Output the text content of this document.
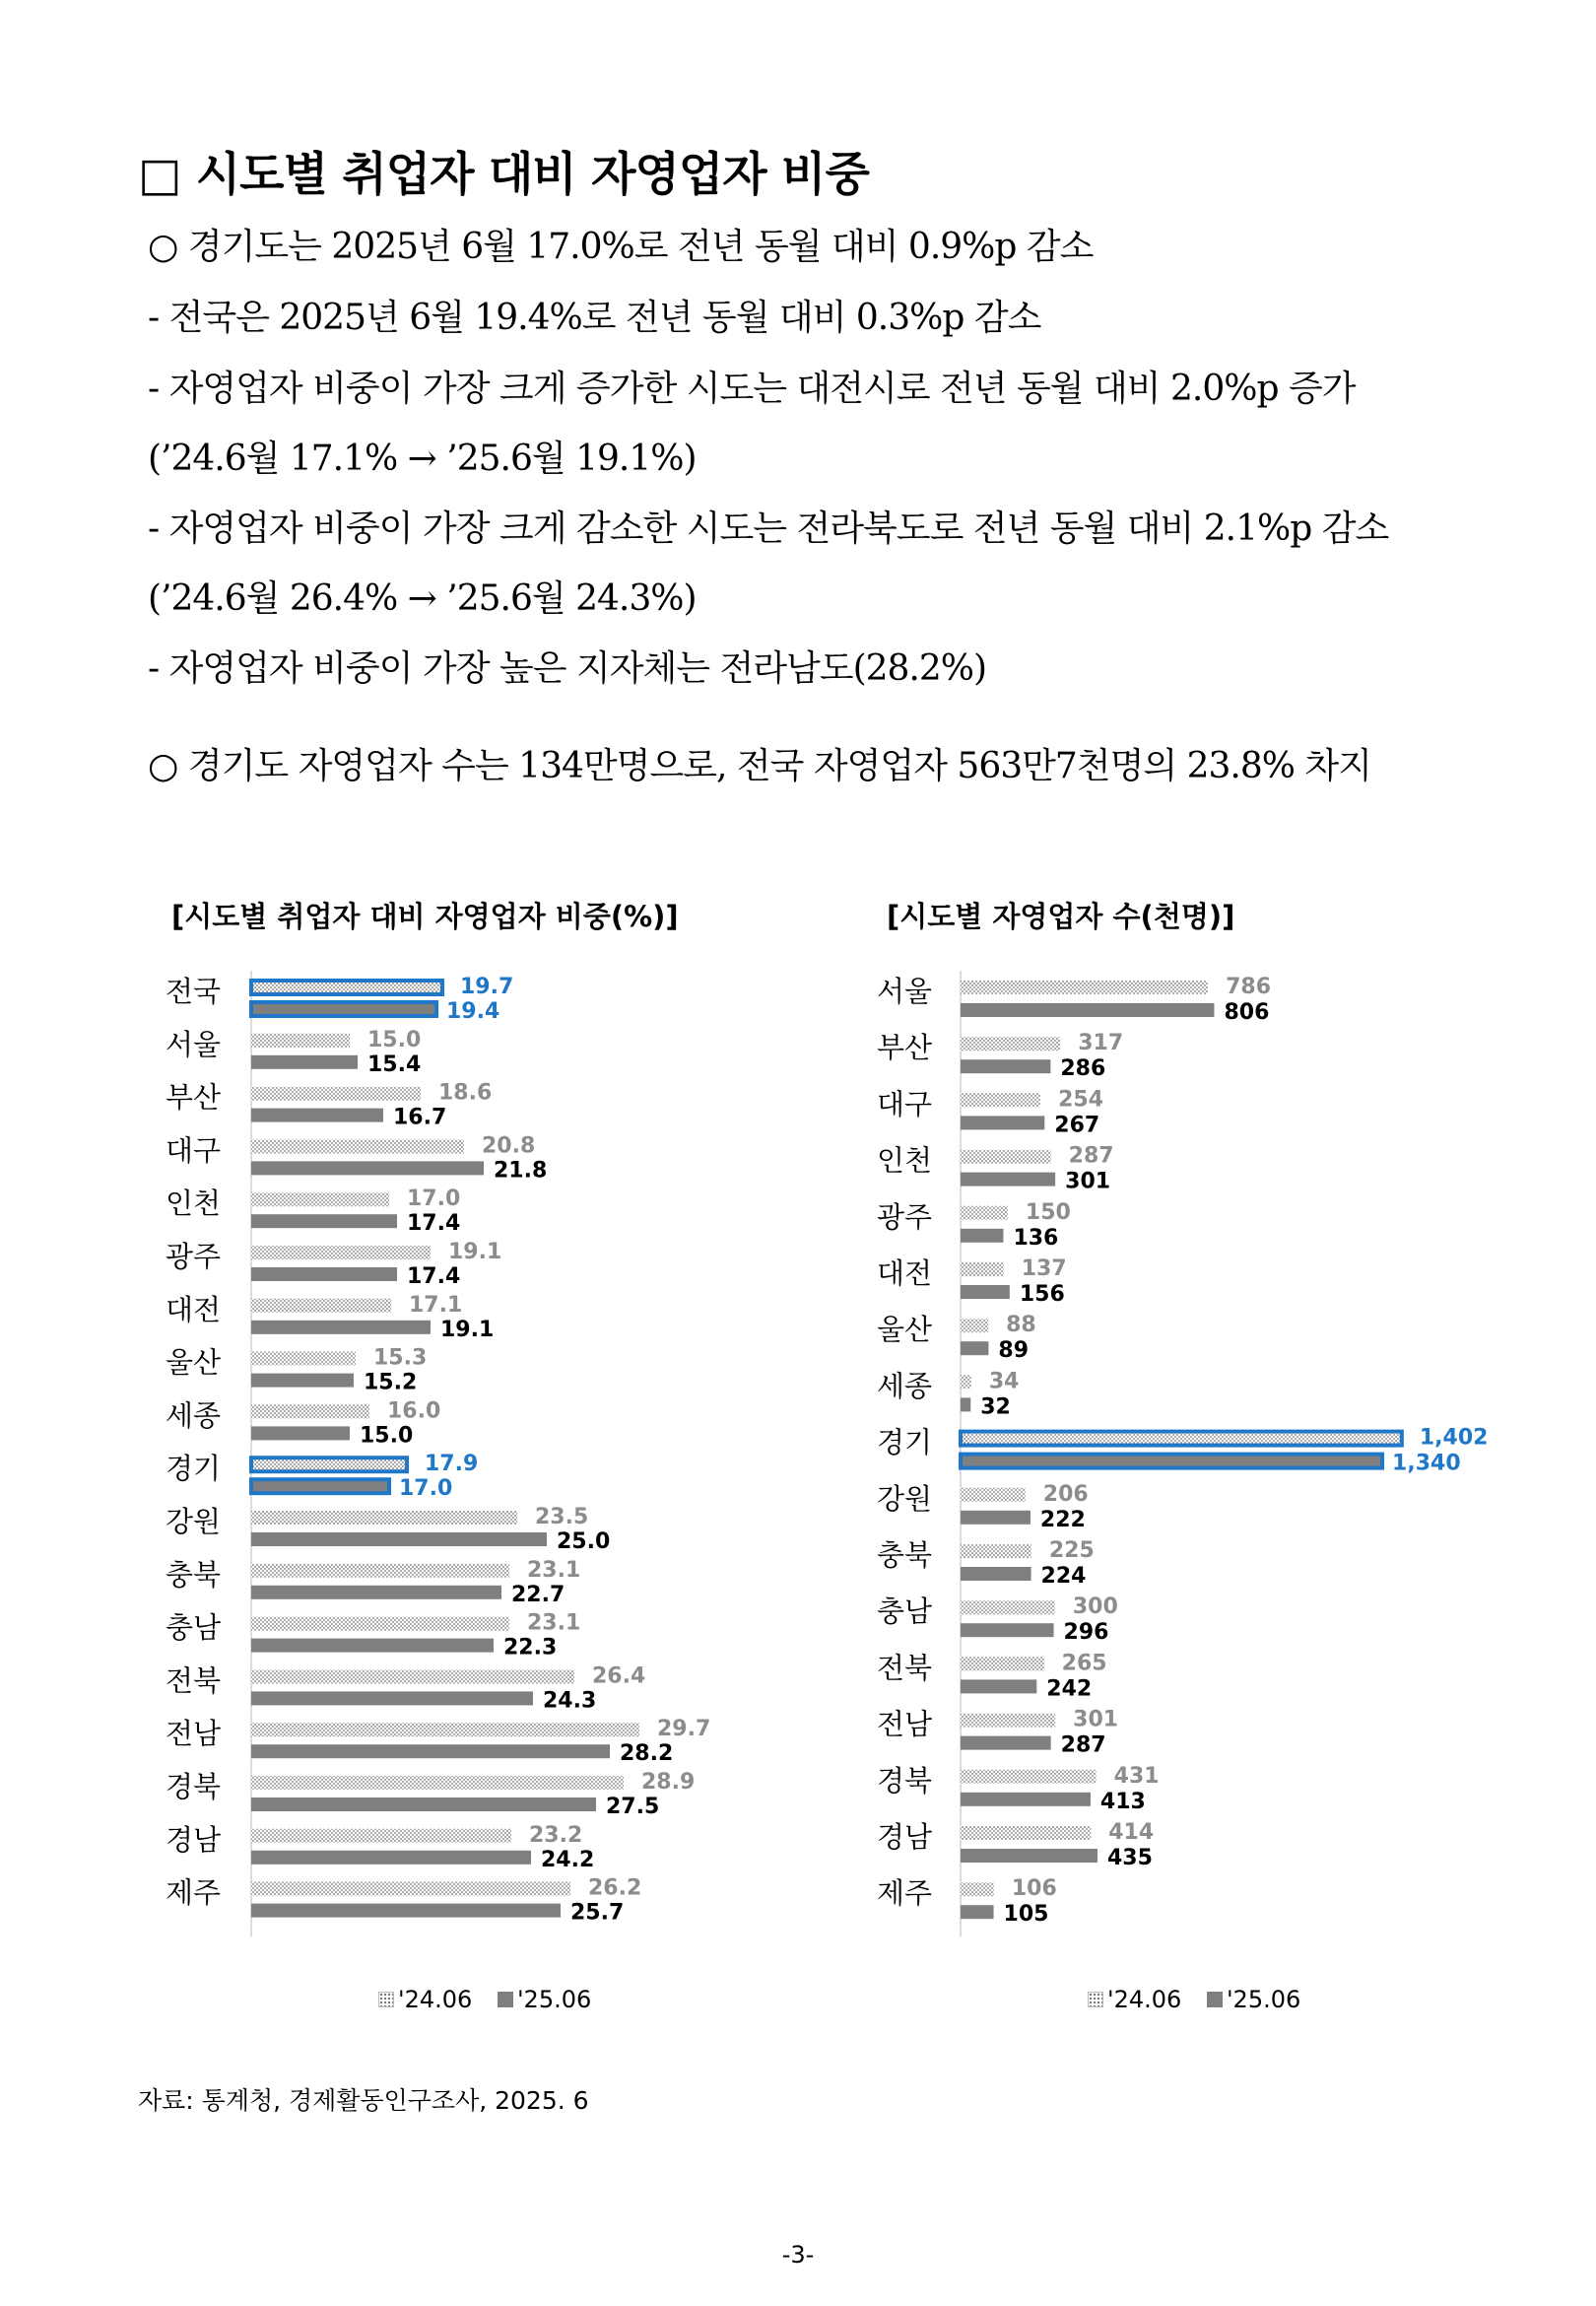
□ 시도별 취업자 대비 자영업자 비중
○ 경기도는 2025년 6월 17.0%로 전년 동월 대비 0.9%p 감소
- 전국은 2025년 6월 19.4%로 전년 동월 대비 0.3%p 감소
- 자영업자 비중이 가장 크게 증가한 시도는 대전시로 전년 동월 대비 2.0%p 증가
(’24.6월 17.1% → ’25.6월 19.1%)
- 자영업자 비중이 가장 크게 감소한 시도는 전라북도로 전년 동월 대비 2.1%p 감소
(’24.6월 26.4% → ’25.6월 24.3%)
- 자영업자 비중이 가장 높은 지자체는 전라남도(28.2%)
○ 경기도 자영업자 수는 134만명으로, 전국 자영업자 563만7천명의 23.8% 차지
[시도별 취업자 대비 자영업자 비중(%)]	[시도별 자영업자 수(천명)]
전국	19.7
19.4
서울	15.0
15.4
부산	18.6
16.7
대구	20.8
21.8
인천	17.0
17.4
광주	19.1
17.4
대전	17.1
19.1
울산	15.3
15.2
세종	16.0
15.0
경기	17.9
17.0
강원	23.5
25.0
충북	23.1
22.7
충남	23.1
22.3
전북	26.4
24.3
전남	29.7
28.2
경북	28.9
27.5
경남	23.2
24.2
제주	26.2
25.7
서울	786
806
부산	317
286
대구	254
267
인천	287
301
광주	150
136
대전	137
156
울산	88
89
세종	34
32
경기	1,402
1,340
강원	206
222
충북	225
224
충남	300
296
전북	265
242
전남	301
287
경북	431
413
경남	414
435
제주	106
105
'24.06 '25.06	'24.06 '25.06
자료: 통계청, 경제활동인구조사, 2025. 6
-3-
